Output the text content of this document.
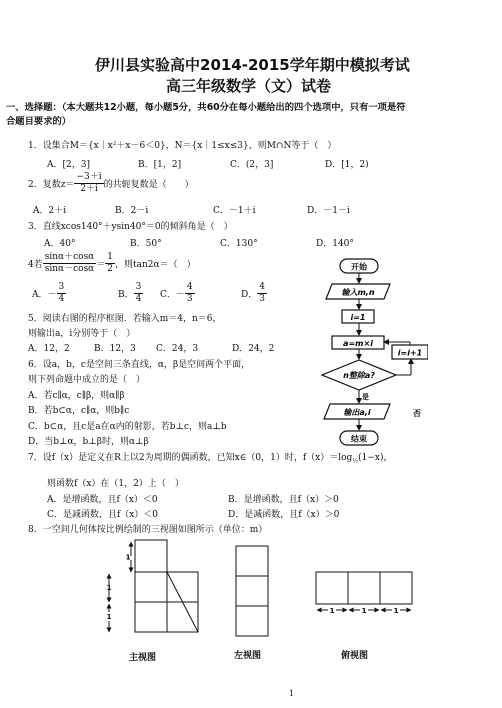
伊川县实验高中2014-2015学年期中模拟考试
高三年级数学（文）试卷
一、选择题：（本大题共12小题，每小题5分，共60分在每小题给出的四个选项中，只有一项是符
合题目要求的）
1．设集合M＝{x｜x²＋x－6＜0}，N＝{x｜1≤x≤3}，则M∩N等于（　）
A．[2，3]	B．[1，2]	C．(2，3]	D．[1，2)
2．复数$z= \frac{-3+i}{2+i}$ 的共轭复数是（　　）
A．2＋i	B．2－i	C．－1＋i	D．－1－i
3．直线xcos140°＋ysin40°＝0的倾斜角是（　）
A．40°	B．50°	C．130°	D．140°
4若 $\frac{\sin\alpha+\cos\alpha}{\sin\alpha-\cos\alpha} = \frac{1}{2}$ ，则tan2α＝（　）
A．－ $\frac{3}{4}$	B． $\frac{3}{4}$ C．－ $\frac{4}{3}$	D． $\frac{4}{3}$
5．阅读右图的程序框图．若输入m＝4，n＝6，
则输出a，i分别等于（　）
A．12，2	B．12，3 C．24，3	D．24，2
6．设a，b，c是空间三条直线，α，β是空间两个平面，
则下列命题中成立的是（　）
A．若c∥α，c∥β，则α∥β
B．若b⊂α，c∥α，则b∥c
C．b⊂α，且c是a在α内的射影，若b⊥c，则a⊥b
D．当b⊥α，b⊥β时，则α⊥β
7．设f（x）是定义在R上以2为周期的偶函数，已知x∈（0，1）时，$f(x)=\log_{\frac{1}{2}}(1-x)$，
则函数f（x）在（1，2）上（　）
A．是增函数，且f（x）＜0	B．是增函数，且f（x）＞0
C．是减函数，且f（x）＜0	D．是减函数，且f（x）＞0
8．一空间几何体按比例绘制的三视图如图所示（单位：m）
开始
输入m,n
i=1
a=m×i
n整除a?
否
i=i+1
是
输出a,i
结束
1
1
1
1	1	1
主视图	左视图	俯视图
1
